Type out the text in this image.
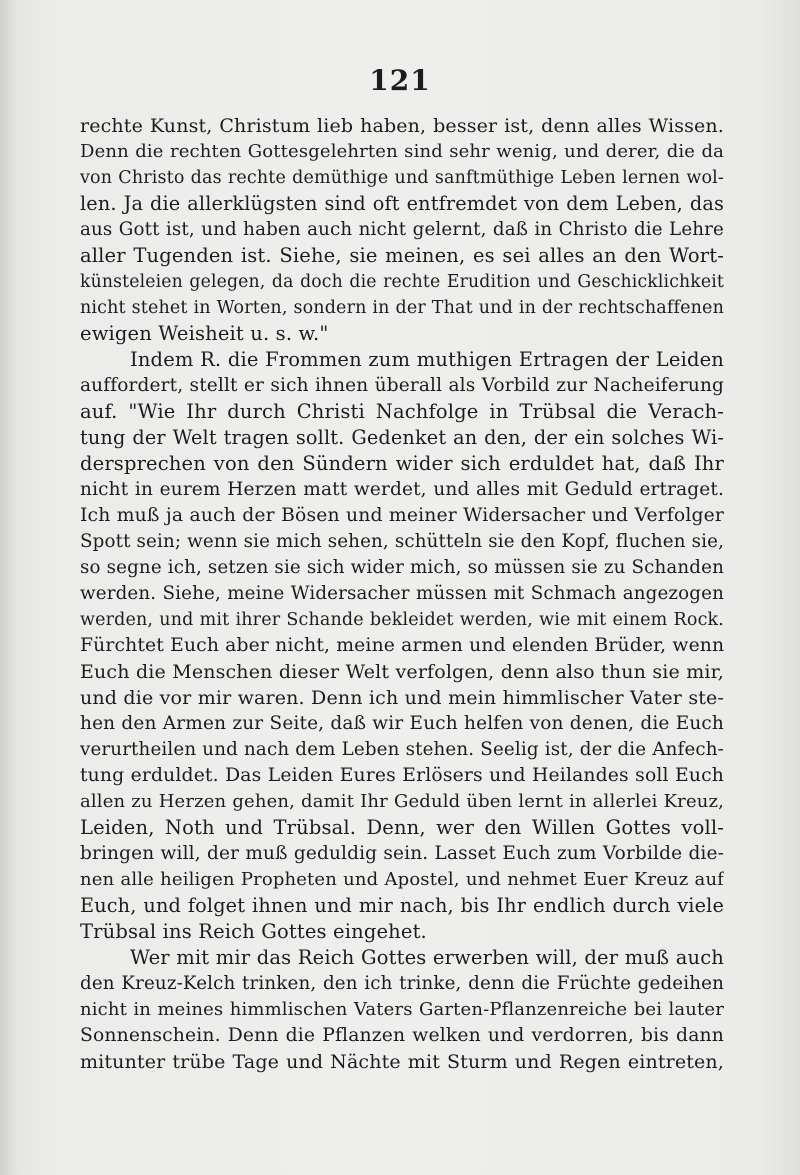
121
rechte Kunst, Christum lieb haben, besser ist, denn alles Wissen.
Denn die rechten Gottesgelehrten sind sehr wenig, und derer, die da
von Christo das rechte demüthige und sanftmüthige Leben lernen wol-
len. Ja die allerklügsten sind oft entfremdet von dem Leben, das
aus Gott ist, und haben auch nicht gelernt, daß in Christo die Lehre
aller Tugenden ist. Siehe, sie meinen, es sei alles an den Wort-
künsteleien gelegen, da doch die rechte Erudition und Geschicklichkeit
nicht stehet in Worten, sondern in der That und in der rechtschaffenen
ewigen Weisheit u. s. w."
Indem R. die Frommen zum muthigen Ertragen der Leiden
auffordert, stellt er sich ihnen überall als Vorbild zur Nacheiferung
auf. "Wie Ihr durch Christi Nachfolge in Trübsal die Verach-
tung der Welt tragen sollt. Gedenket an den, der ein solches Wi-
dersprechen von den Sündern wider sich erduldet hat, daß Ihr
nicht in eurem Herzen matt werdet, und alles mit Geduld ertraget.
Ich muß ja auch der Bösen und meiner Widersacher und Verfolger
Spott sein; wenn sie mich sehen, schütteln sie den Kopf, fluchen sie,
so segne ich, setzen sie sich wider mich, so müssen sie zu Schanden
werden. Siehe, meine Widersacher müssen mit Schmach angezogen
werden, und mit ihrer Schande bekleidet werden, wie mit einem Rock.
Fürchtet Euch aber nicht, meine armen und elenden Brüder, wenn
Euch die Menschen dieser Welt verfolgen, denn also thun sie mir,
und die vor mir waren. Denn ich und mein himmlischer Vater ste-
hen den Armen zur Seite, daß wir Euch helfen von denen, die Euch
verurtheilen und nach dem Leben stehen. Seelig ist, der die Anfech-
tung erduldet. Das Leiden Eures Erlösers und Heilandes soll Euch
allen zu Herzen gehen, damit Ihr Geduld üben lernt in allerlei Kreuz,
Leiden, Noth und Trübsal. Denn, wer den Willen Gottes voll-
bringen will, der muß geduldig sein. Lasset Euch zum Vorbilde die-
nen alle heiligen Propheten und Apostel, und nehmet Euer Kreuz auf
Euch, und folget ihnen und mir nach, bis Ihr endlich durch viele
Trübsal ins Reich Gottes eingehet.
Wer mit mir das Reich Gottes erwerben will, der muß auch
den Kreuz-Kelch trinken, den ich trinke, denn die Früchte gedeihen
nicht in meines himmlischen Vaters Garten-Pflanzenreiche bei lauter
Sonnenschein. Denn die Pflanzen welken und verdorren, bis dann
mitunter trübe Tage und Nächte mit Sturm und Regen eintreten,
